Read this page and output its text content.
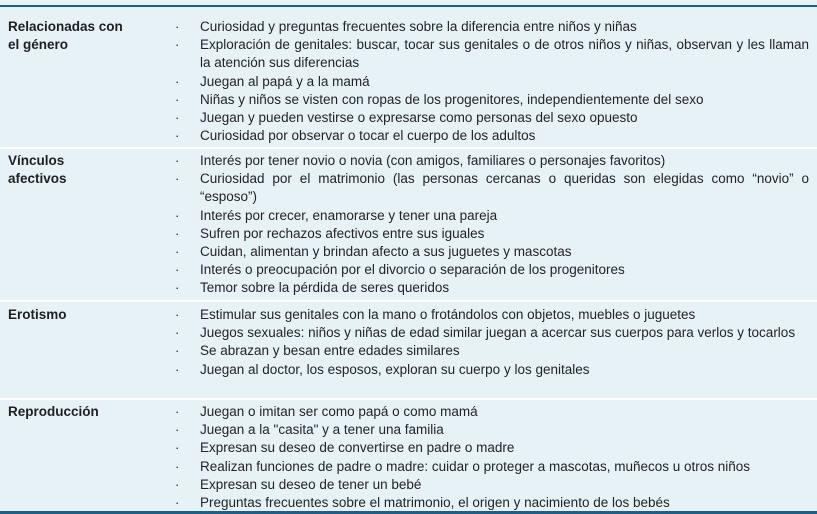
Relacionadas con
el género
· Curiosidad y preguntas frecuentes sobre la diferencia entre niños y niñas
· Exploración de genitales: buscar, tocar sus genitales o de otros niños y niñas, observan y les llaman la atención sus diferencias
· Juegan al papá y a la mamá
· Niñas y niños se visten con ropas de los progenitores, independientemente del sexo
· Juegan y pueden vestirse o expresarse como personas del sexo opuesto
· Curiosidad por observar o tocar el cuerpo de los adultos
Vínculos
afectivos
· Interés por tener novio o novia (con amigos, familiares o personajes favoritos)
· Curiosidad por el matrimonio (las personas cercanas o queridas son elegidas como “novio” o “esposo”)
· Interés por crecer, enamorarse y tener una pareja
· Sufren por rechazos afectivos entre sus iguales
· Cuidan, alimentan y brindan afecto a sus juguetes y mascotas
· Interés o preocupación por el divorcio o separación de los progenitores
· Temor sobre la pérdida de seres queridos
Erotismo	· Estimular sus genitales con la mano o frotándolos con objetos, muebles o juguetes
· Juegos sexuales: niños y niñas de edad similar juegan a acercar sus cuerpos para verlos y tocarlos
· Se abrazan y besan entre edades similares
· Juegan al doctor, los esposos, exploran su cuerpo y los genitales
Reproducción	· Juegan o imitan ser como papá o como mamá
· Juegan a la "casita" y a tener una familia
· Expresan su deseo de convertirse en padre o madre
· Realizan funciones de padre o madre: cuidar o proteger a mascotas, muñecos u otros niños
· Expresan su deseo de tener un bebé
· Preguntas frecuentes sobre el matrimonio, el origen y nacimiento de los bebés
